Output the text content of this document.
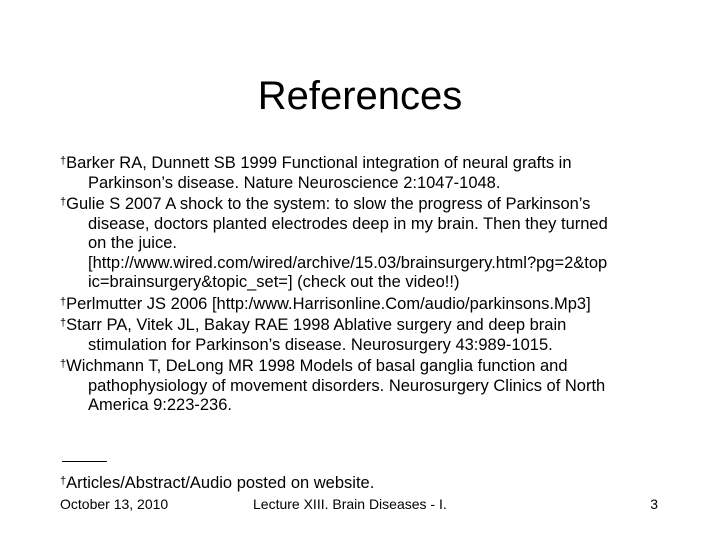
References
†Barker RA, Dunnett SB 1999 Functional integration of neural grafts in
Parkinson’s disease. Nature Neuroscience 2:1047-1048.
†Gulie S 2007 A shock to the system: to slow the progress of Parkinson’s
disease, doctors planted electrodes deep in my brain. Then they turned
on the juice.
[http://www.wired.com/wired/archive/15.03/brainsurgery.html?pg=2&top
ic=brainsurgery&topic_set=] (check out the video!!)
†Perlmutter JS 2006 [http:/www.Harrisonline.Com/audio/parkinsons.Mp3]
†Starr PA, Vitek JL, Bakay RAE 1998 Ablative surgery and deep brain
stimulation for Parkinson’s disease. Neurosurgery 43:989-1015.
†Wichmann T, DeLong MR 1998 Models of basal ganglia function and
pathophysiology of movement disorders. Neurosurgery Clinics of North
America 9:223-236.
†Articles/Abstract/Audio posted on website.
October 13, 2010	Lecture XIII. Brain Diseases - I.	3
